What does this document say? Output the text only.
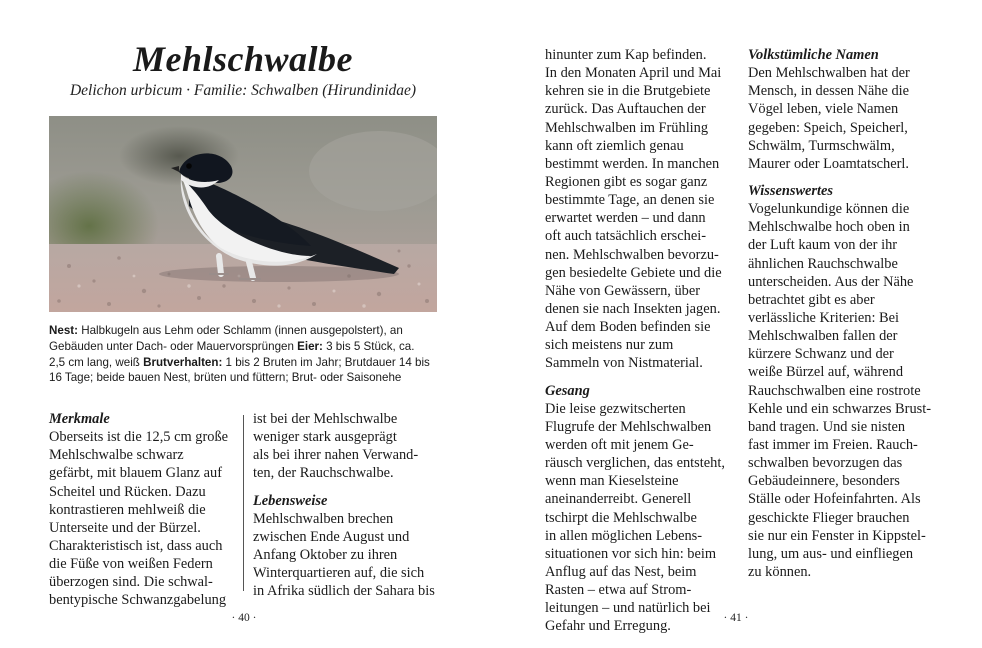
Mehlschwalbe
Delichon urbicum · Familie: Schwalben (Hirundinidae)
Nest: Halbkugeln aus Lehm oder Schlamm (innen ausgepolstert), an
Gebäuden unter Dach- oder Mauervorsprüngen Eier: 3 bis 5 Stück, ca.
2,5 cm lang, weiß Brutverhalten: 1 bis 2 Bruten im Jahr; Brutdauer 14 bis
16 Tage; beide bauen Nest, brüten und füttern; Brut- oder Saisonehe
Merkmale
Oberseits ist die 12,5 cm große
Mehlschwalbe schwarz
gefärbt, mit blauem Glanz auf
Scheitel und Rücken. Dazu
kontrastieren mehlweiß die
Unterseite und der Bürzel.
Charakteristisch ist, dass auch
die Füße von weißen Federn
überzogen sind. Die schwal-
bentypische Schwanzgabelung
ist bei der Mehlschwalbe
weniger stark ausgeprägt
als bei ihrer nahen Verwand-
ten, der Rauchschwalbe.
Lebensweise
Mehlschwalben brechen
zwischen Ende August und
Anfang Oktober zu ihren
Winterquartieren auf, die sich
in Afrika südlich der Sahara bis
· 40 ·
hinunter zum Kap befinden.
In den Monaten April und Mai
kehren sie in die Brutgebiete
zurück. Das Auftauchen der
Mehlschwalben im Frühling
kann oft ziemlich genau
bestimmt werden. In manchen
Regionen gibt es sogar ganz
bestimmte Tage, an denen sie
erwartet werden – und dann
oft auch tatsächlich erschei-
nen. Mehlschwalben bevorzu-
gen besiedelte Gebiete und die
Nähe von Gewässern, über
denen sie nach Insekten jagen.
Auf dem Boden befinden sie
sich meistens nur zum
Sammeln von Nistmaterial.
Gesang
Die leise gezwitscherten
Flugrufe der Mehlschwalben
werden oft mit jenem Ge-
räusch verglichen, das entsteht,
wenn man Kieselsteine
aneinanderreibt. Generell
tschirpt die Mehlschwalbe
in allen möglichen Lebens-
situationen vor sich hin: beim
Anflug auf das Nest, beim
Rasten – etwa auf Strom-
leitungen – und natürlich bei
Gefahr und Erregung.
Volkstümliche Namen
Den Mehlschwalben hat der
Mensch, in dessen Nähe die
Vögel leben, viele Namen
gegeben: Speich, Speicherl,
Schwälm, Turmschwälm,
Maurer oder Loamtatscherl.
Wissenswertes
Vogelunkundige können die
Mehlschwalbe hoch oben in
der Luft kaum von der ihr
ähnlichen Rauchschwalbe
unterscheiden. Aus der Nähe
betrachtet gibt es aber
verlässliche Kriterien: Bei
Mehlschwalben fallen der
kürzere Schwanz und der
weiße Bürzel auf, während
Rauchschwalben eine rostrote
Kehle und ein schwarzes Brust-
band tragen. Und sie nisten
fast immer im Freien. Rauch-
schwalben bevorzugen das
Gebäudeinnere, besonders
Ställe oder Hofeinfahrten. Als
geschickte Flieger brauchen
sie nur ein Fenster in Kippstel-
lung, um aus- und einfliegen
zu können.
· 41 ·
